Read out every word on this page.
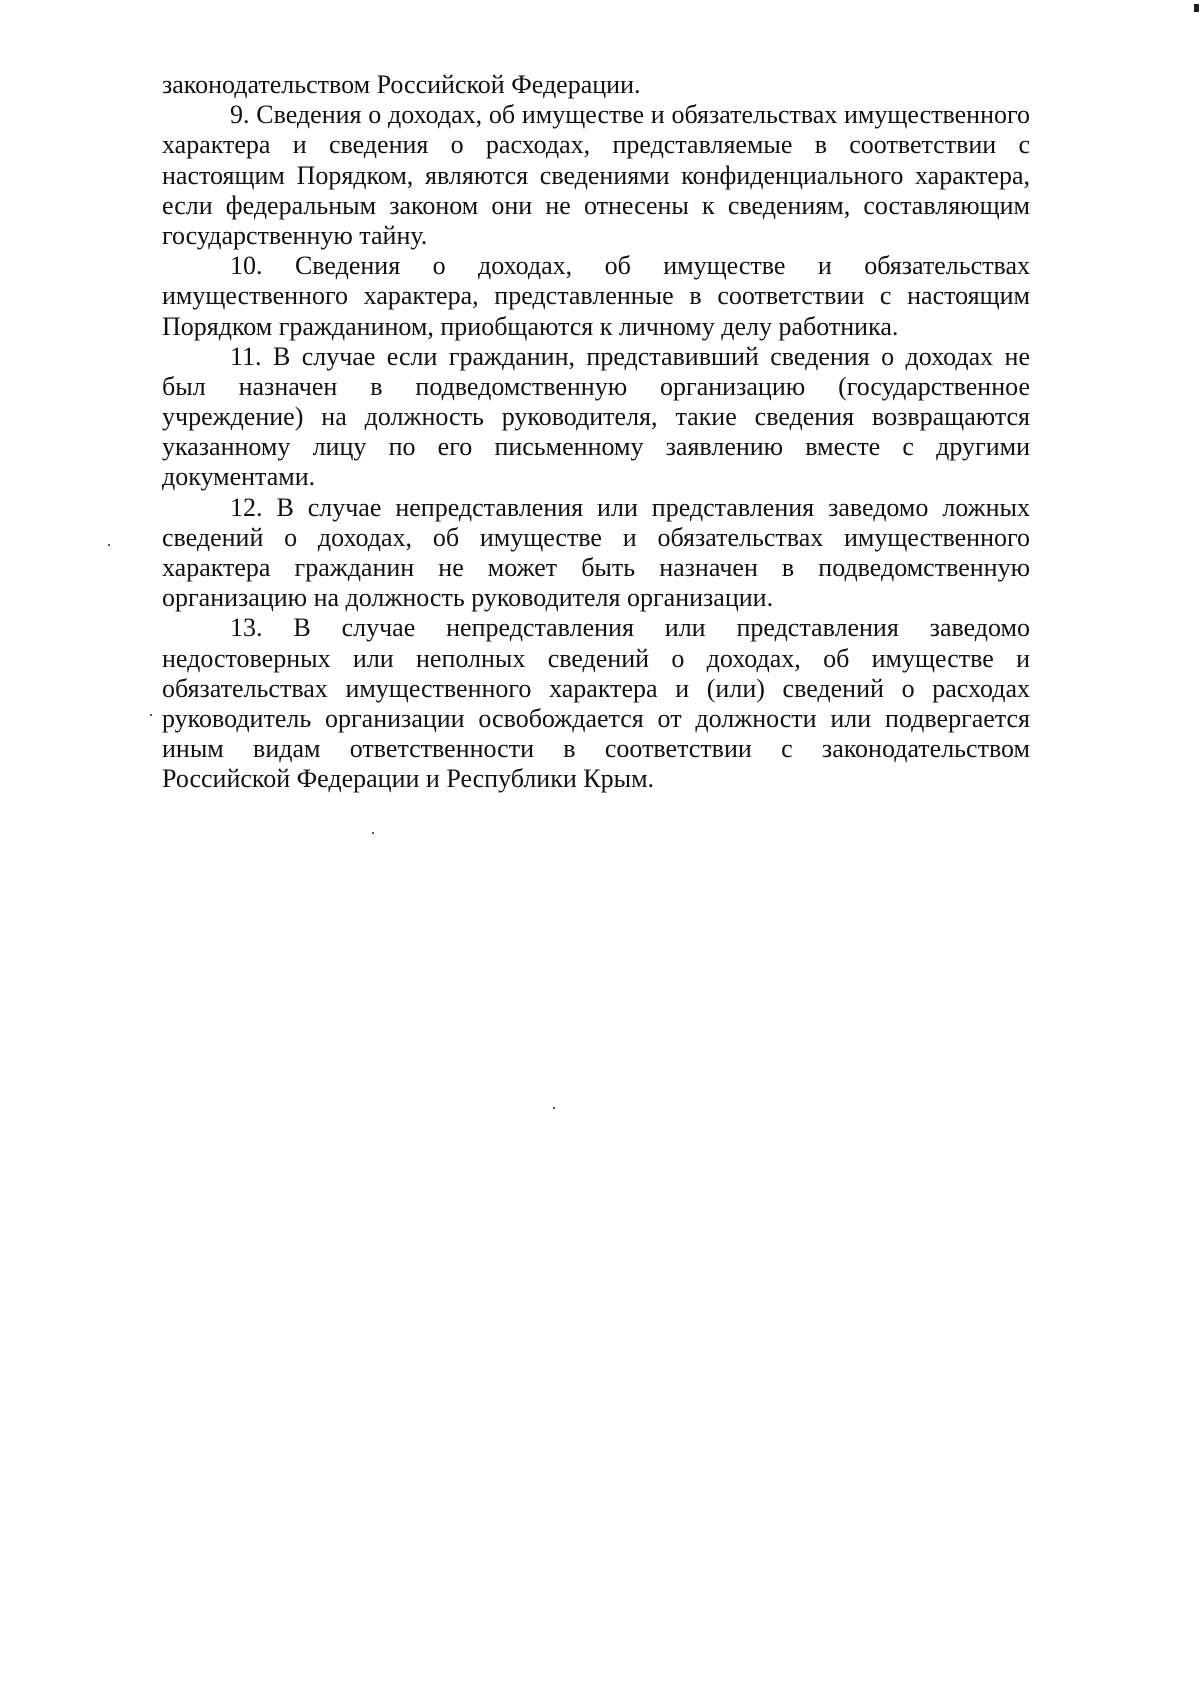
законодательством Российской Федерации.
9. Сведения о доходах, об имуществе и обязательствах имущественного
характера и сведения о расходах, представляемые в соответствии с
настоящим Порядком, являются сведениями конфиденциального характера,
если федеральным законом они не отнесены к сведениям, составляющим
государственную тайну.
10. Сведения о доходах, об имуществе и обязательствах
имущественного характера, представленные в соответствии с настоящим
Порядком гражданином, приобщаются к личному делу работника.
11. В случае если гражданин, представивший сведения о доходах не
был назначен в подведомственную организацию (государственное
учреждение) на должность руководителя, такие сведения возвращаются
указанному лицу по его письменному заявлению вместе с другими
документами.
12. В случае непредставления или представления заведомо ложных
сведений о доходах, об имуществе и обязательствах имущественного
характера гражданин не может быть назначен в подведомственную
организацию на должность руководителя организации.
13. В случае непредставления или представления заведомо
недостоверных или неполных сведений о доходах, об имуществе и
обязательствах имущественного характера и (или) сведений о расходах
руководитель организации освобождается от должности или подвергается
иным видам ответственности в соответствии с законодательством
Российской Федерации и Республики Крым.
